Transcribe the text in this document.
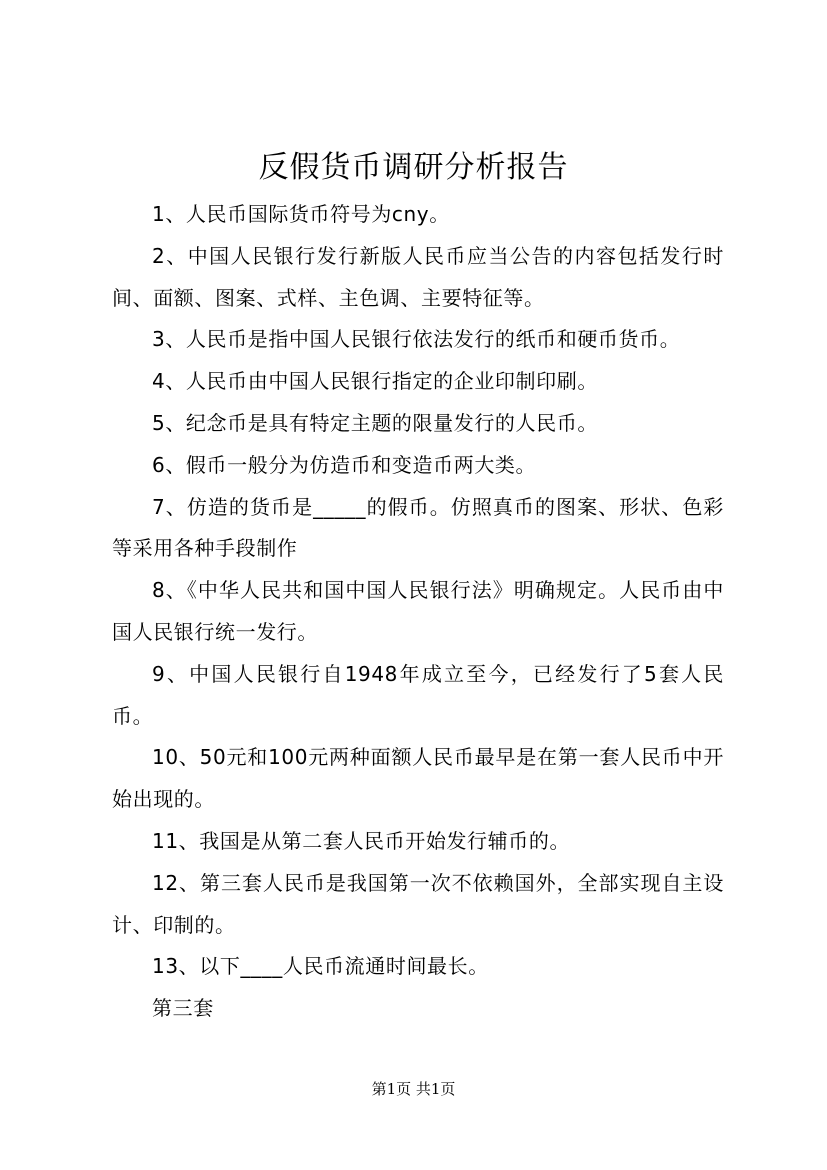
反假货币调研分析报告

1、人民币国际货币符号为cny。

2、中国人民银行发行新版人民币应当公告的内容包括发行时间、面额、图案、式样、主色调、主要特征等。

3、人民币是指中国人民银行依法发行的纸币和硬币货币。

4、人民币由中国人民银行指定的企业印制印刷。

5、纪念币是具有特定主题的限量发行的人民币。

6、假币一般分为仿造币和变造币两大类。

7、仿造的货币是_____的假币。仿照真币的图案、形状、色彩等采用各种手段制作

8、《中华人民共和国中国人民银行法》明确规定。人民币由中国人民银行统一发行。

9、中国人民银行自1948年成立至今，已经发行了5套人民币。

10、50元和100元两种面额人民币最早是在第一套人民币中开始出现的。

11、我国是从第二套人民币开始发行辅币的。

12、第三套人民币是我国第一次不依赖国外，全部实现自主设计、印制的。

13、以下____人民币流通时间最长。

第三套

第1页 共1页
